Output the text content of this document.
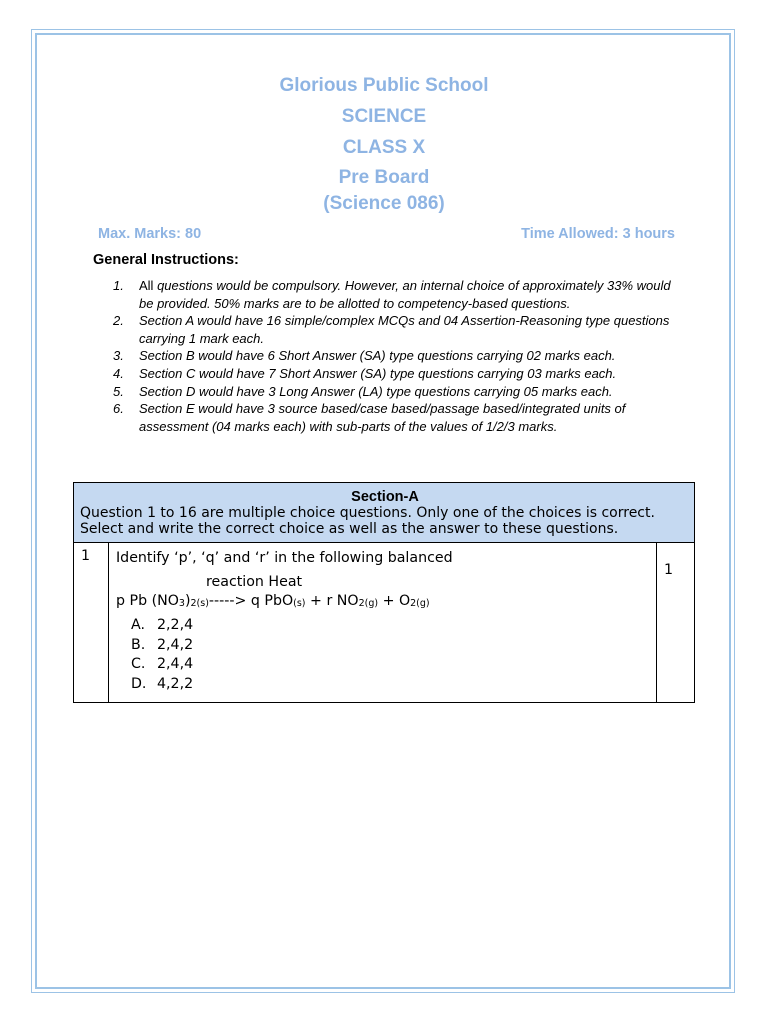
Glorious Public School
SCIENCE
CLASS X
Pre Board
(Science 086)
Max. Marks: 80	Time Allowed: 3 hours
General Instructions:
1.	All questions would be compulsory. However, an internal choice of approximately 33% would be provided. 50% marks are to be allotted to competency-based questions.
2.	Section A would have 16 simple/complex MCQs and 04 Assertion-Reasoning type questions carrying 1 mark each.
3.	Section B would have 6 Short Answer (SA) type questions carrying 02 marks each.
4.	Section C would have 7 Short Answer (SA) type questions carrying 03 marks each.
5.	Section D would have 3 Long Answer (LA) type questions carrying 05 marks each.
6.	Section E would have 3 source based/case based/passage based/integrated units of assessment (04 marks each) with sub-parts of the values of 1/2/3 marks.
Section-A
Question 1 to 16 are multiple choice questions. Only one of the choices is correct. Select and write the correct choice as well as the answer to these questions.

1	Identify ‘p’, ‘q’ and ‘r’ in the following balanced
reaction Heat
p Pb $(NO_3)_{2(s)}-----> q$ PbO$_{(s)}$ + r $NO_{2(g)} + O_{2(g)}$
A. 2,2,4
B. 2,4,2
C. 2,4,4
D. 4,2,2
	1
